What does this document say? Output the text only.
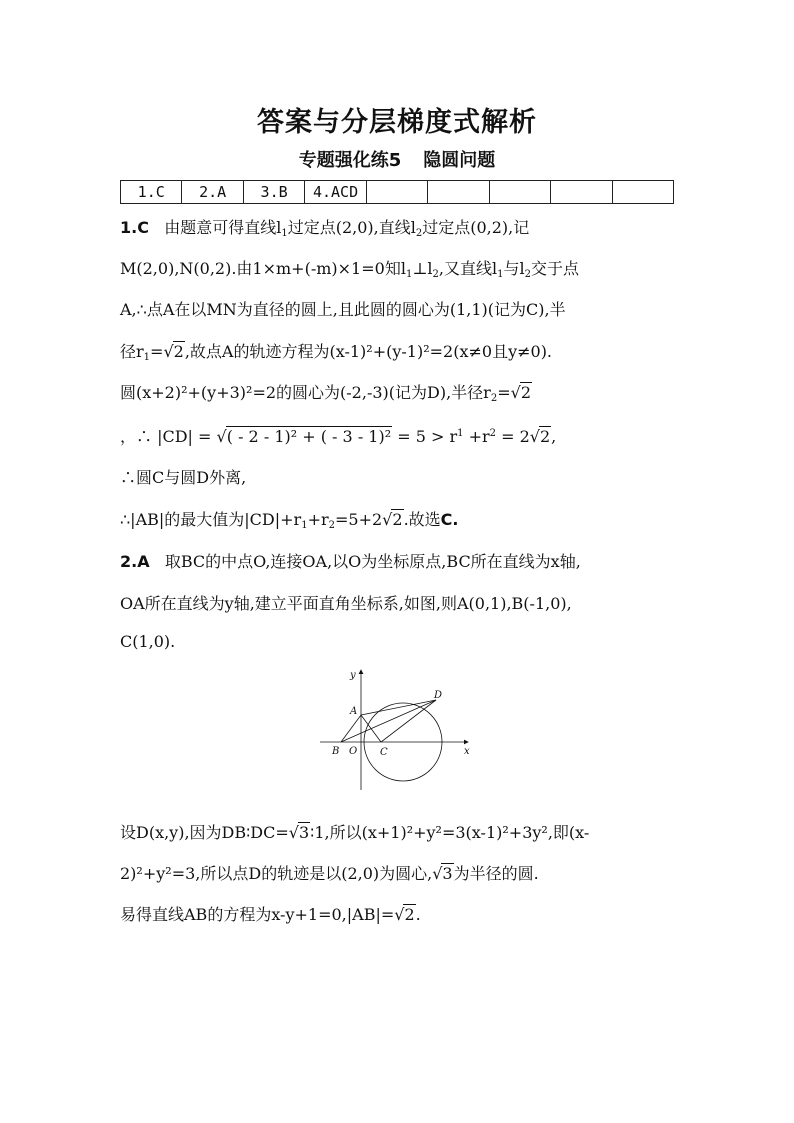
答案与分层梯度式解析
专题强化练5 隐圆问题
1.C	2.A	3.B	4.ACD					
1.C 由题意可得直线$l_1$过定点(2,0),直线$l_2$过定点(0,2),记
M(2,0),N(0,2).由1×m+(-m)×1=0知$l_1\perp l_2$,又直线$l_1$与$l_2$交于点
A,∴点A在以MN为直径的圆上,且此圆的圆心为(1,1)(记为C),半
径$r_1=√2$,故点A的轨迹方程为(x-1)²+(y-1)²=2(x≠0且y≠0).
圆(x+2)²+(y+3)²=2的圆心为(-2,-3)(记为D),半径$r_2=√2$
，∴ |CD| = √( - 2 - 1)² + ( - $3 - 1)^2 = 5 > r^1 +r^2 = 2√2$,
∴圆C与圆D外离,
∴|AB|的最大值为$|CD|+r_1+r_2=5+2√2$.故选C.
2.A 取BC的中点O,连接OA,以O为坐标原点,BC所在直线为x轴,
OA所在直线为y轴,建立平面直角坐标系,如图,则A(0,1),B(-1,0),
C(1,0).
y
x
A
B O C
D
设D(x,y),因为DB∶DC=√3∶1,所以(x+1)²+y²=3(x-1)²+3y²,即(x-
2)²+y²=3,所以点D的轨迹是以(2,0)为圆心,√3为半径的圆.
易得直线AB的方程为x-y+1=0,|AB|=√2.
